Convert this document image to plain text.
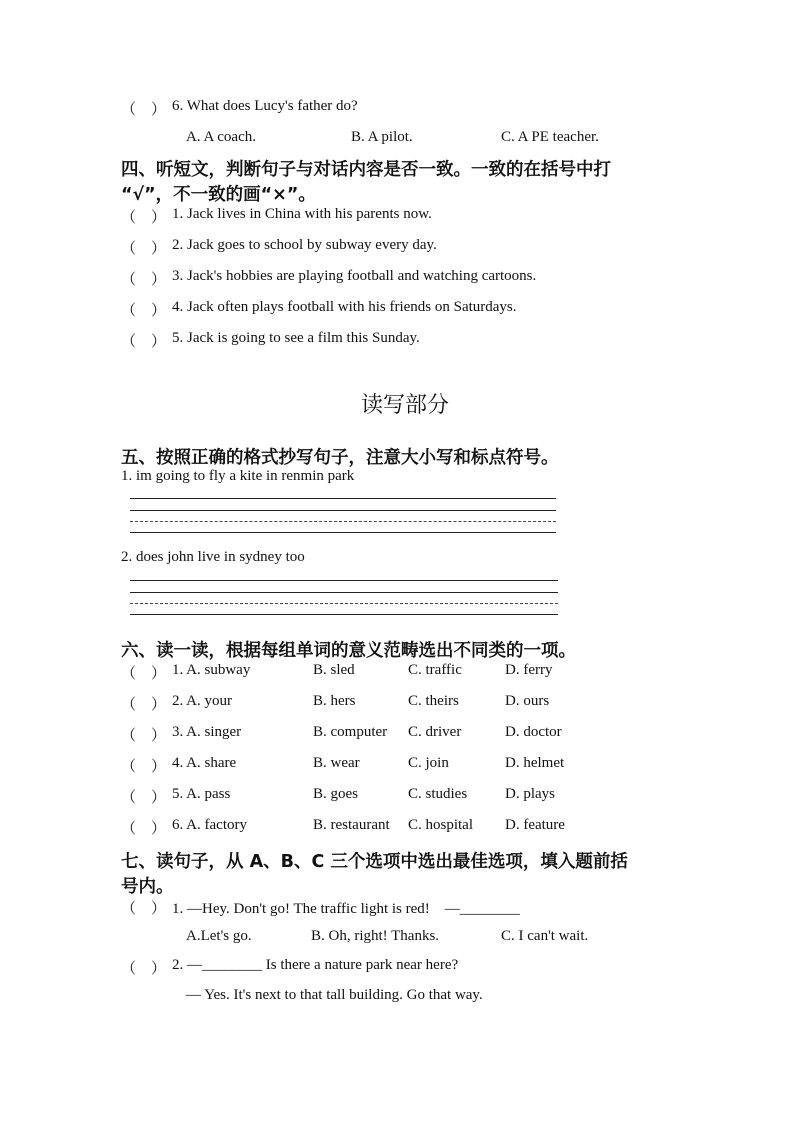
（　） 6. What does Lucy's father do?
A. A coach.	B. A pilot.	C. A PE teacher.
四、听短文，判断句子与对话内容是否一致。一致的在括号中打
“√”，不一致的画“×”。
（　） 1. Jack lives in China with his parents now.
（　） 2. Jack goes to school by subway every day.
（　） 3. Jack's hobbies are playing football and watching cartoons.
（　） 4. Jack often plays football with his friends on Saturdays.
（　） 5. Jack is going to see a film this Sunday.
读写部分
五、按照正确的格式抄写句子，注意大小写和标点符号。
1. im going to fly a kite in renmin park
2. does john live in sydney too
六、读一读，根据每组单词的意义范畴选出不同类的一项。
（　） 1. A. subway	B. sled	C. traffic	D. ferry
（　） 2. A. your	B. hers	C. theirs	D. ours
（　） 3. A. singer	B. computer C. driver	D. doctor
（　） 4. A. share	B. wear	C. join	D. helmet
（　） 5. A. pass	B. goes	C. studies	D. plays
（　） 6. A. factory	B. restaurant C. hospital D. feature
七、读句子，从 A、B、C 三个选项中选出最佳选项，填入题前括
号内。
（　） 1. —Hey. Don't go! The traffic light is red!　—________
A.Let's go.	B. Oh, right! Thanks.	C. I can't wait.
（　） 2. —________ Is there a nature park near here?
— Yes. It's next to that tall building. Go that way.
